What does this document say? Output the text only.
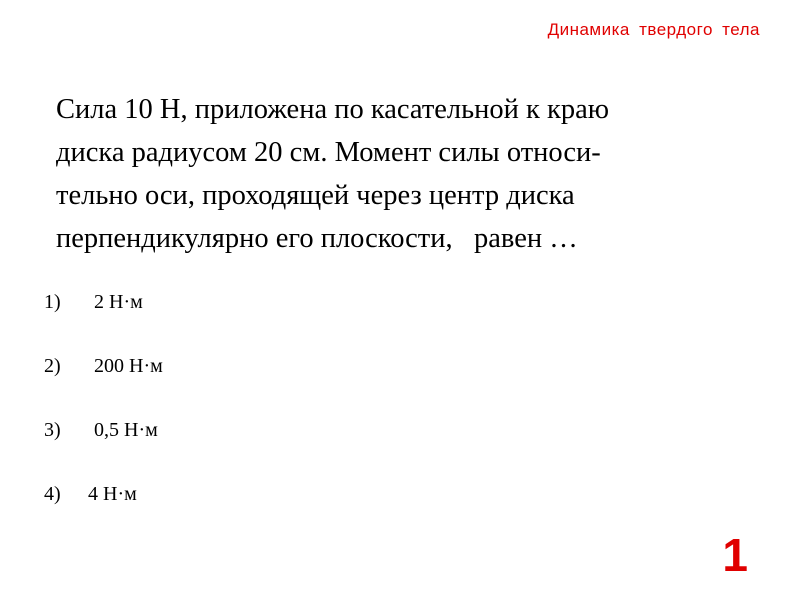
Динамика твердого тела
Сила 10 Н, приложена по касательной к краю
диска радиусом 20 см. Момент силы относи-
тельно оси, проходящей через центр диска
перпендикулярно его плоскости,   равен …
1) 2 Н·м
2) 200 Н·м
3) 0,5 Н·м
4) 4 Н·м
1
